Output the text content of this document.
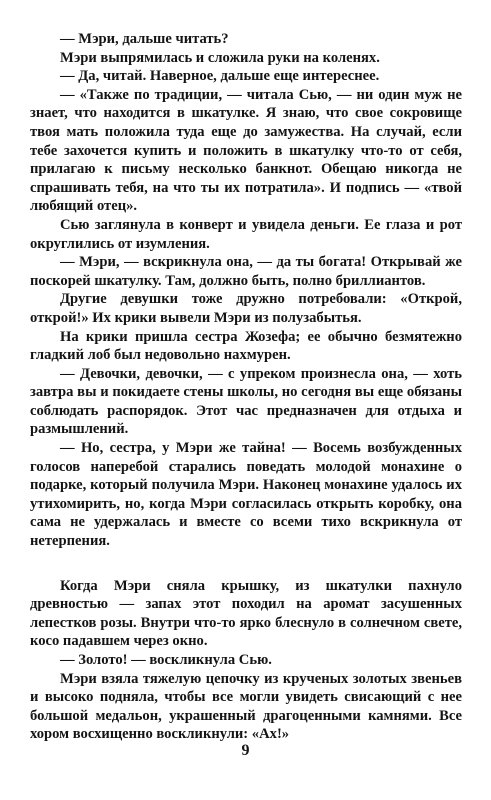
— Мэри, дальше читать?

Мэри выпрямилась и сложила руки на коленях.

— Да, читай. Наверное, дальше еще интереснее.

— «Также по традиции, — читала Сью, — ни один муж не знает, что находится в шкатулке. Я знаю, что свое сокровище твоя мать положила туда еще до замужества. На случай, если тебе захочется купить и положить в шкатулку что-то от себя, прилагаю к письму несколько банкнот. Обещаю никогда не спрашивать тебя, на что ты их потратила». И подпись — «твой любящий отец».

Сью заглянула в конверт и увидела деньги. Ее глаза и рот округлились от изумления.

— Мэри, — вскрикнула она, — да ты богата! Открывай же поскорей шкатулку. Там, должно быть, полно бриллиантов.

Другие девушки тоже дружно потребовали: «Открой, открой!» Их крики вывели Мэри из полузабытья.

На крики пришла сестра Жозефа; ее обычно безмятежно гладкий лоб был недовольно нахмурен.

— Девочки, девочки, — с упреком произнесла она, — хоть завтра вы и покидаете стены школы, но сегодня вы еще обязаны соблюдать распорядок. Этот час предназначен для отдыха и размышлений.

— Но, сестра, у Мэри же тайна! — Восемь возбужденных голосов наперебой старались поведать молодой монахине о подарке, который получила Мэри. Наконец монахине удалось их утихомирить, но, когда Мэри согласилась открыть коробку, она сама не удержалась и вместе со всеми тихо вскрикнула от нетерпения.

Когда Мэри сняла крышку, из шкатулки пахнуло древностью — запах этот походил на аромат засушенных лепестков розы. Внутри что-то ярко блеснуло в солнечном свете, косо падавшем через окно.

— Золото! — воскликнула Сью.

Мэри взяла тяжелую цепочку из крученых золотых звеньев и высоко подняла, чтобы все могли увидеть свисающий с нее большой медальон, украшенный драгоценными камнями. Все хором восхищенно воскликнули: «Ах!»

9
